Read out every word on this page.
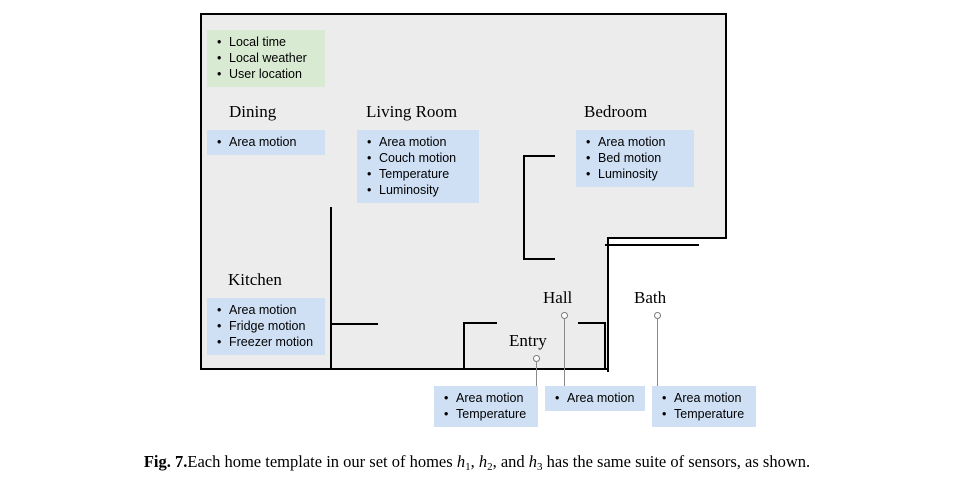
• Local time
• Local weather
• User location
Dining
• Area motion
Living Room
• Area motion
• Couch motion
• Temperature
• Luminosity
Bedroom
• Area motion
• Bed motion
• Luminosity
Kitchen
• Area motion
• Fridge motion
• Freezer motion
Hall	Bath
Entry
• Area motion
• Temperature
• Area motion	• Area motion
• Temperature
Fig. 7.Each home template in our set of homes $h_1$, $h_2$, and $h_3$ has the same suite of sensors, as shown.
